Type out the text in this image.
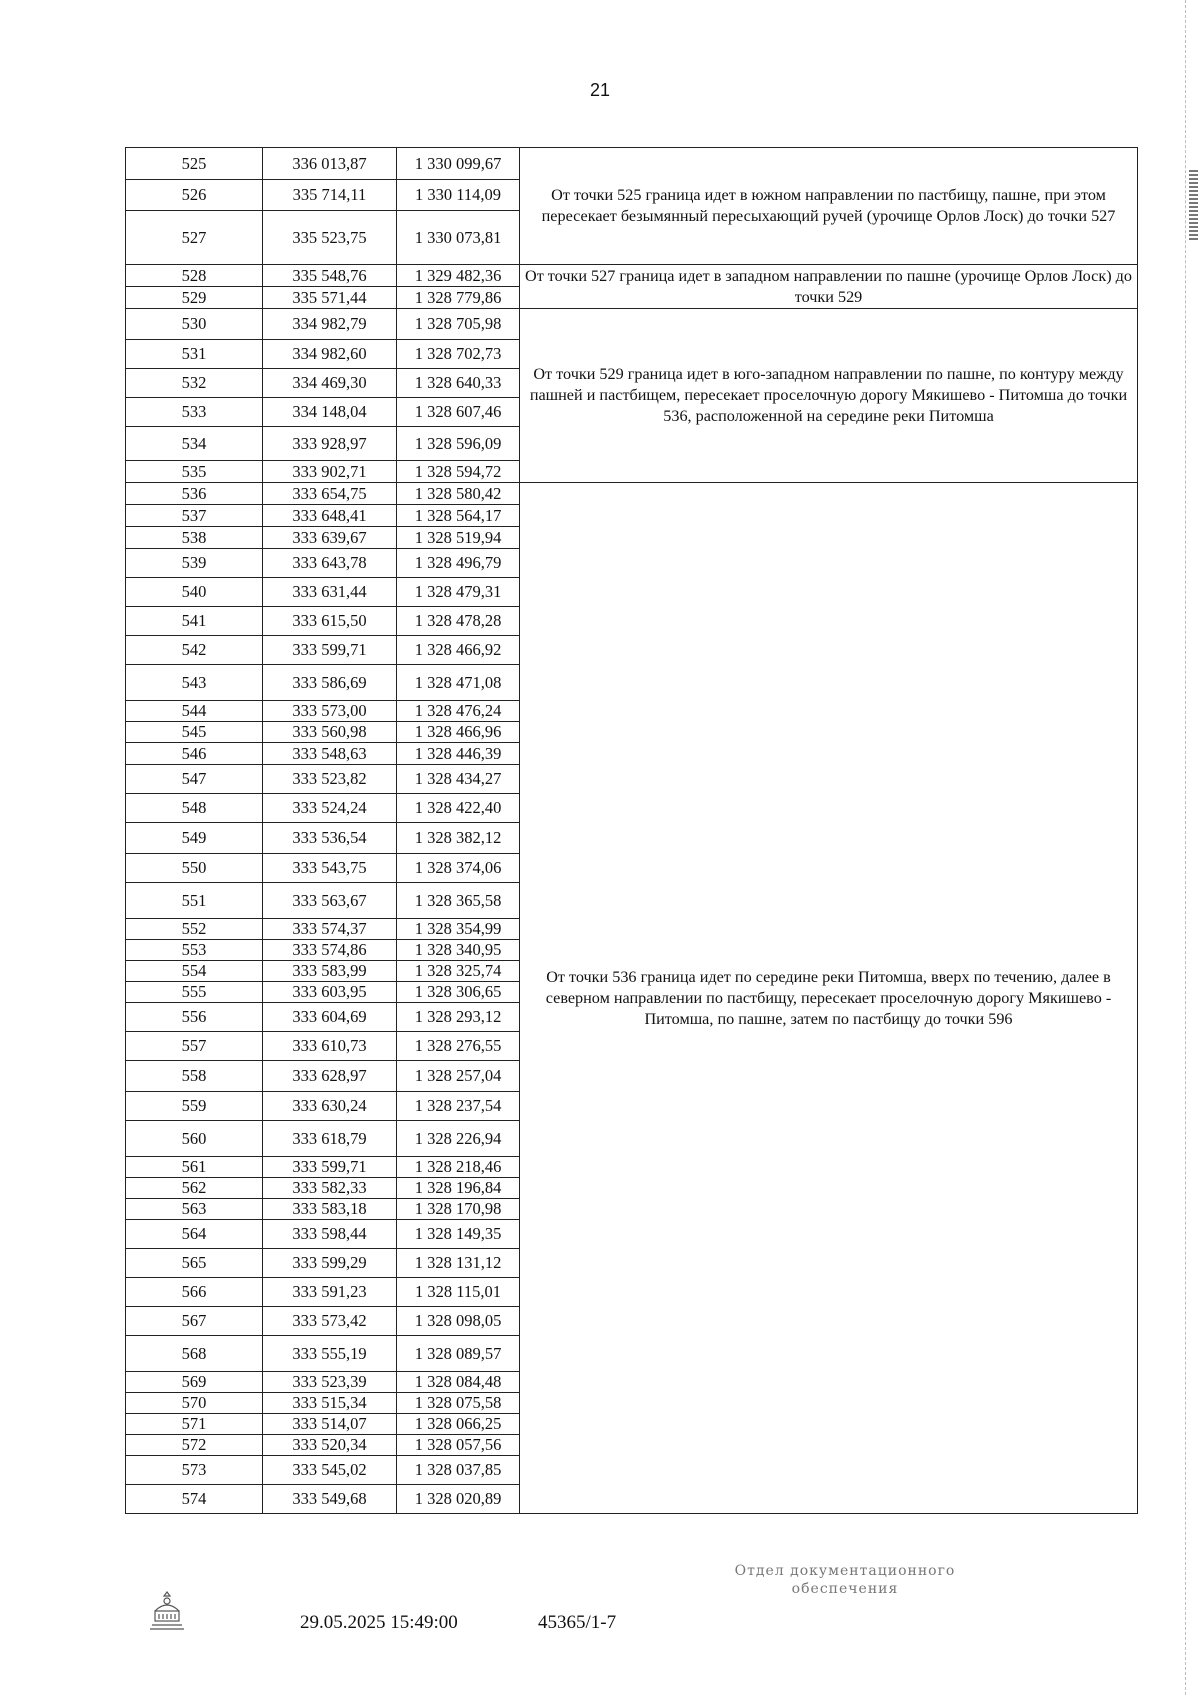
21
525	336 013,87	1 330 099,67	От точки 525 граница идет в южном направлении по пастбищу, пашне, при этом пересекает безымянный пересыхающий ручей (урочище Орлов Лоск) до точки 527
526	335 714,11	1 330 114,09	
527	335 523,75	1 330 073,81	
528	335 548,76	1 329 482,36	От точки 527 граница идет в западном направлении по пашне (урочище Орлов Лоск) до точки 529
529	335 571,44	1 328 779,86	
530	334 982,79	1 328 705,98	От точки 529 граница идет в юго-западном направлении по пашне, по контуру между пашней и пастбищем, пересекает проселочную дорогу Мякишево - Питомша до точки 536, расположенной на середине реки Питомша
531	334 982,60	1 328 702,73	
532	334 469,30	1 328 640,33	
533	334 148,04	1 328 607,46	
534	333 928,97	1 328 596,09	
535	333 902,71	1 328 594,72	
536	333 654,75	1 328 580,42	От точки 536 граница идет по середине реки Питомша, вверх по течению, далее в северном направлении по пастбищу, пересекает проселочную дорогу Мякишево - Питомша, по пашне, затем по пастбищу до точки 596
537	333 648,41	1 328 564,17	
538	333 639,67	1 328 519,94	
539	333 643,78	1 328 496,79	
540	333 631,44	1 328 479,31	
541	333 615,50	1 328 478,28	
542	333 599,71	1 328 466,92	
543	333 586,69	1 328 471,08	
544	333 573,00	1 328 476,24	
545	333 560,98	1 328 466,96	
546	333 548,63	1 328 446,39	
547	333 523,82	1 328 434,27	
548	333 524,24	1 328 422,40	
549	333 536,54	1 328 382,12	
550	333 543,75	1 328 374,06	
551	333 563,67	1 328 365,58	
552	333 574,37	1 328 354,99	
553	333 574,86	1 328 340,95	
554	333 583,99	1 328 325,74	
555	333 603,95	1 328 306,65	
556	333 604,69	1 328 293,12	
557	333 610,73	1 328 276,55	
558	333 628,97	1 328 257,04	
559	333 630,24	1 328 237,54	
560	333 618,79	1 328 226,94	
561	333 599,71	1 328 218,46	
562	333 582,33	1 328 196,84	
563	333 583,18	1 328 170,98	
564	333 598,44	1 328 149,35	
565	333 599,29	1 328 131,12	
566	333 591,23	1 328 115,01	
567	333 573,42	1 328 098,05	
568	333 555,19	1 328 089,57	
569	333 523,39	1 328 084,48	
570	333 515,34	1 328 075,58	
571	333 514,07	1 328 066,25	
572	333 520,34	1 328 057,56	
573	333 545,02	1 328 037,85	
574	333 549,68	1 328 020,89	
29.05.2025 15:49:00	45365/1-7
Отдел документационного
обеспечения
